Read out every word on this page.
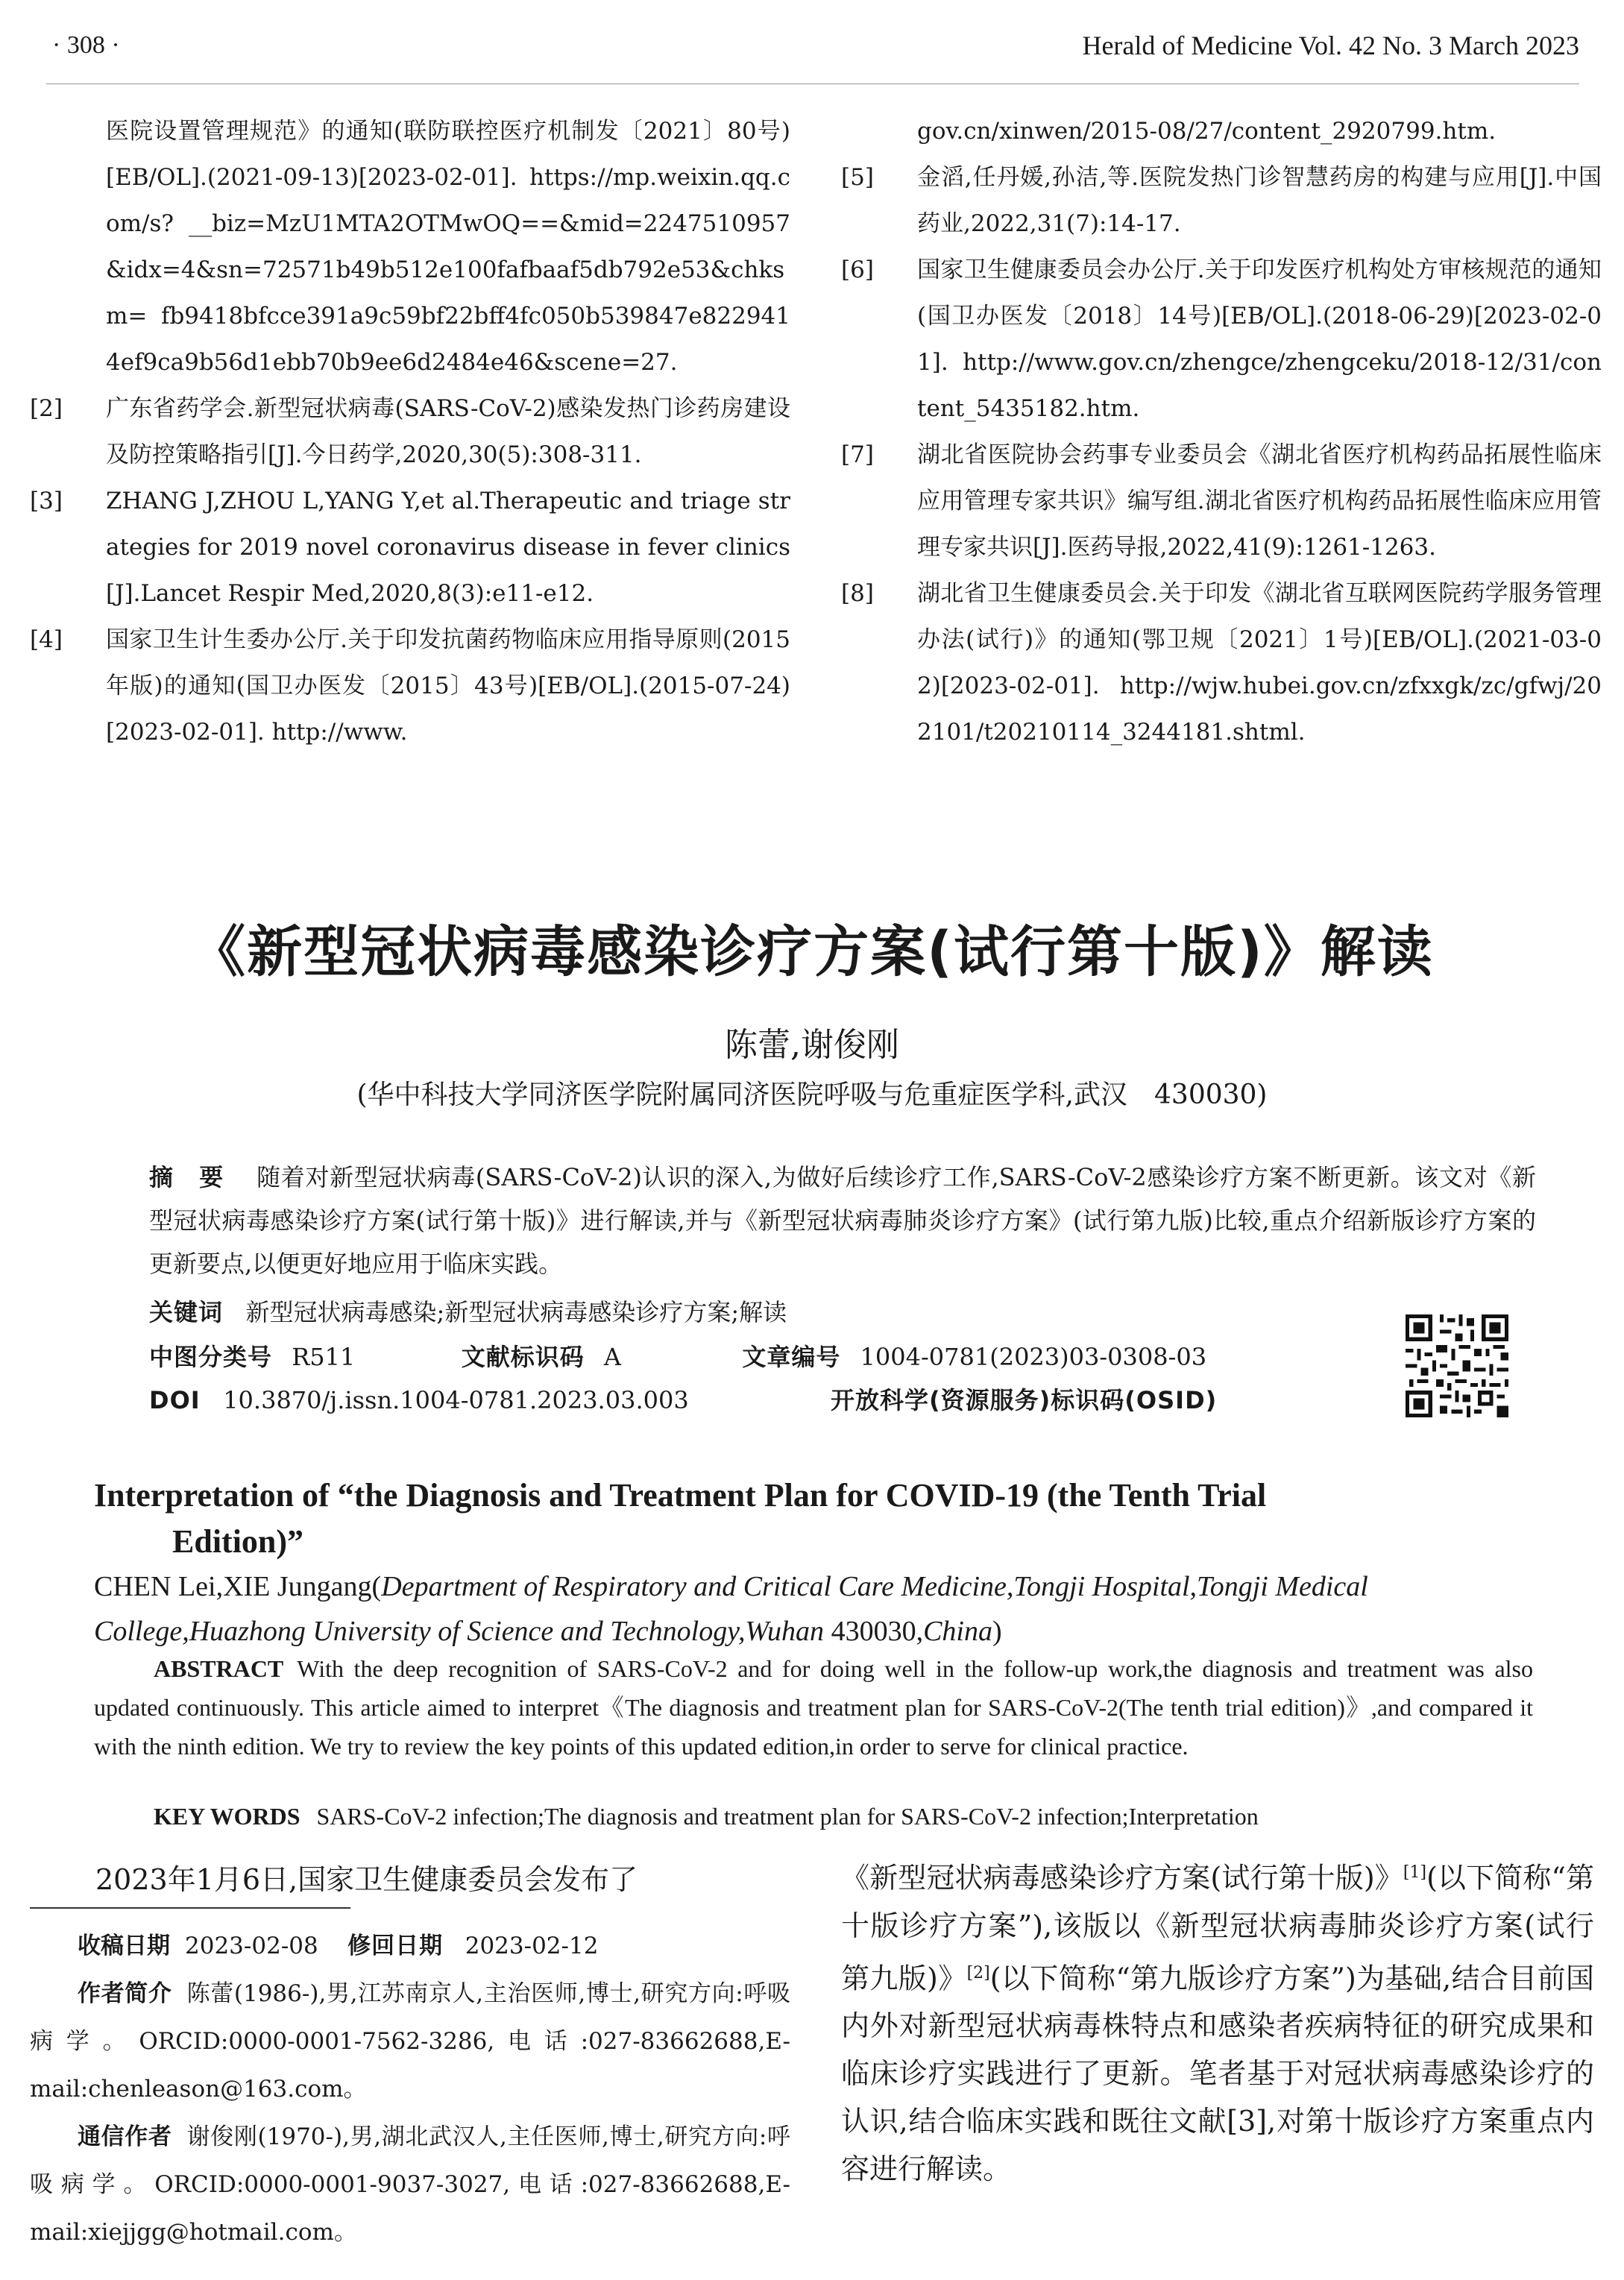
· 308 ·	Herald of Medicine Vol. 42 No. 3 March 2023
医院设置管理规范》的通知(联防联控医疗机制发〔2021〕80号)[EB/OL].(2021-09-13)[2023-02-01]. https://mp.weixin.qq.com/s? __biz=MzU1MTA2OTMwOQ==&mid=2247510957&idx=4&sn=72571b49b512e100fafbaaf5db792e53&chksm= fb9418bfcce391a9c59bf22bff4fc050b539847e8229414ef9ca9b56d1ebb70b9ee6d2484e46&scene=27.
[2]	广东省药学会.新型冠状病毒(SARS-CoV-2)感染发热门诊药房建设及防控策略指引[J].今日药学,2020,30(5):308-311.
[3]	ZHANG J,ZHOU L,YANG Y,et al.Therapeutic and triage strategies for 2019 novel coronavirus disease in fever clinics [J].Lancet Respir Med,2020,8(3):e11-e12.
[4]	国家卫生计生委办公厅.关于印发抗菌药物临床应用指导原则(2015年版)的通知(国卫办医发〔2015〕43号)[EB/OL].(2015-07-24)[2023-02-01]. http://www.
gov.cn/xinwen/2015-08/27/content_2920799.htm.
[5]	金滔,任丹媛,孙洁,等.医院发热门诊智慧药房的构建与应用[J].中国药业,2022,31(7):14-17.
[6]	国家卫生健康委员会办公厅.关于印发医疗机构处方审核规范的通知(国卫办医发〔2018〕14号)[EB/OL].(2018-06-29)[2023-02-01]. http://www.gov.cn/zhengce/zhengceku/2018-12/31/content_5435182.htm.
[7]	湖北省医院协会药事专业委员会《湖北省医疗机构药品拓展性临床应用管理专家共识》编写组.湖北省医疗机构药品拓展性临床应用管理专家共识[J].医药导报,2022,41(9):1261-1263.
[8]	湖北省卫生健康委员会.关于印发《湖北省互联网医院药学服务管理办法(试行)》的通知(鄂卫规〔2021〕1号)[EB/OL].(2021-03-02)[2023-02-01]. http://wjw.hubei.gov.cn/zfxxgk/zc/gfwj/202101/t20210114_3244181.shtml.
《新型冠状病毒感染诊疗方案(试行第十版)》解读
陈蕾,谢俊刚
(华中科技大学同济医学院附属同济医院呼吸与危重症医学科,武汉　430030)
摘　要 随着对新型冠状病毒(SARS-CoV-2)认识的深入,为做好后续诊疗工作,SARS-CoV-2感染诊疗方案不断更新。该文对《新型冠状病毒感染诊疗方案(试行第十版)》进行解读,并与《新型冠状病毒肺炎诊疗方案》(试行第九版)比较,重点介绍新版诊疗方案的更新要点,以便更好地应用于临床实践。
关键词 新型冠状病毒感染;新型冠状病毒感染诊疗方案;解读
中图分类号 R511	文献标识码 A	文章编号 1004-0781(2023)03-0308-03
DOI 10.3870/j.issn.1004-0781.2023.03.003	开放科学(资源服务)标识码(OSID)
Interpretation of “the Diagnosis and Treatment Plan for COVID-19 (the Tenth Trial
Edition)”
CHEN Lei,XIE Jungang(Department of Respiratory and Critical Care Medicine,Tongji Hospital,Tongji Medical College,Huazhong University of Science and Technology,Wuhan 430030,China)
ABSTRACT With the deep recognition of SARS-CoV-2 and for doing well in the follow-up work,the diagnosis and treatment was also updated continuously. This article aimed to interpret《The diagnosis and treatment plan for SARS-CoV-2(The tenth trial edition)》,and compared it with the ninth edition. We try to review the key points of this updated edition,in order to serve for clinical practice.
KEY WORDS SARS-CoV-2 infection;The diagnosis and treatment plan for SARS-CoV-2 infection;Interpretation
2023年1月6日,国家卫生健康委员会发布了

收稿日期 2023-02-08 修回日期 2023-02-12

作者简介 陈蕾(1986-),男,江苏南京人,主治医师,博士,研究方向:呼吸病学。ORCID:0000-0001-7562-3286,电话:027-83662688,E-mail:chenleason@163.com。

通信作者 谢俊刚(1970-),男,湖北武汉人,主任医师,博士,研究方向:呼吸病学。ORCID:0000-0001-9037-3027,电话:027-83662688,E-mail:xiejjgg@hotmail.com。

《新型冠状病毒感染诊疗方案(试行第十版)》[1](以下简称“第十版诊疗方案”),该版以《新型冠状病毒肺炎诊疗方案(试行第九版)》[2](以下简称“第九版诊疗方案”)为基础,结合目前国内外对新型冠状病毒株特点和感染者疾病特征的研究成果和临床诊疗实践进行了更新。笔者基于对冠状病毒感染诊疗的认识,结合临床实践和既往文献[3],对第十版诊疗方案重点内容进行解读。
